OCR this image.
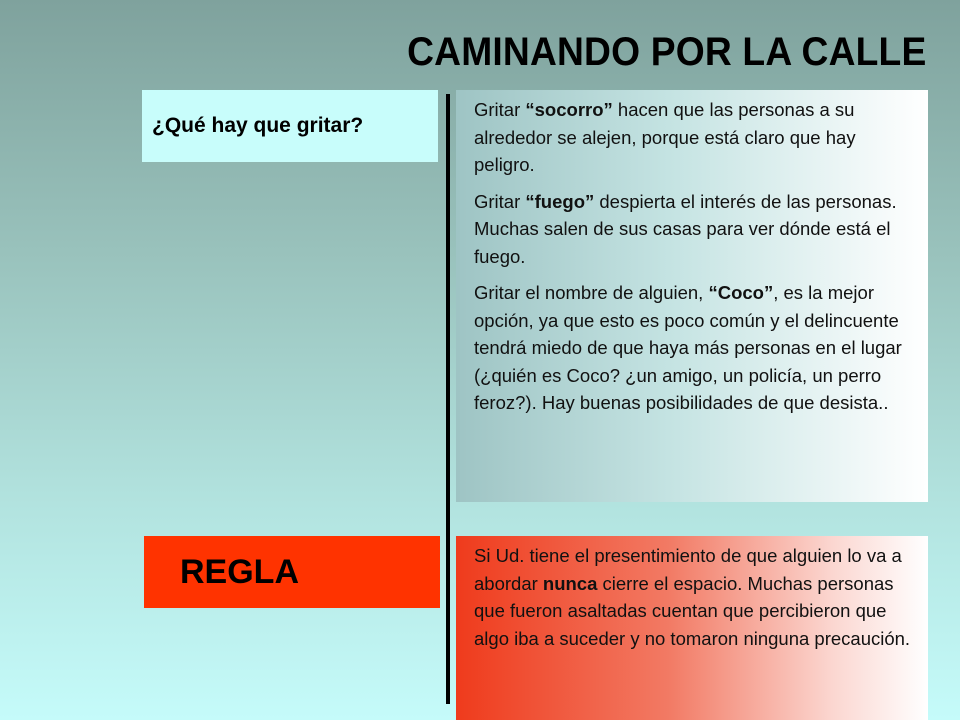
CAMINANDO POR LA CALLE
¿Qué hay que gritar?

Gritar “socorro” hacen que las personas a su alrededor se alejen, porque está claro que hay peligro.

Gritar “fuego” despierta el interés de las personas. Muchas salen de sus casas para ver dónde está el fuego.

Gritar el nombre de alguien, “Coco”, es la mejor opción, ya que esto es poco común y el delincuente tendrá miedo de que haya más personas en el lugar (¿quién es Coco? ¿un amigo, un policía, un perro feroz?). Hay buenas posibilidades de que desista..

REGLA	Si Ud. tiene el presentimiento de que alguien lo va a abordar nunca cierre el espacio. Muchas personas que fueron asaltadas cuentan que percibieron que algo iba a suceder y no tomaron ninguna precaución.
